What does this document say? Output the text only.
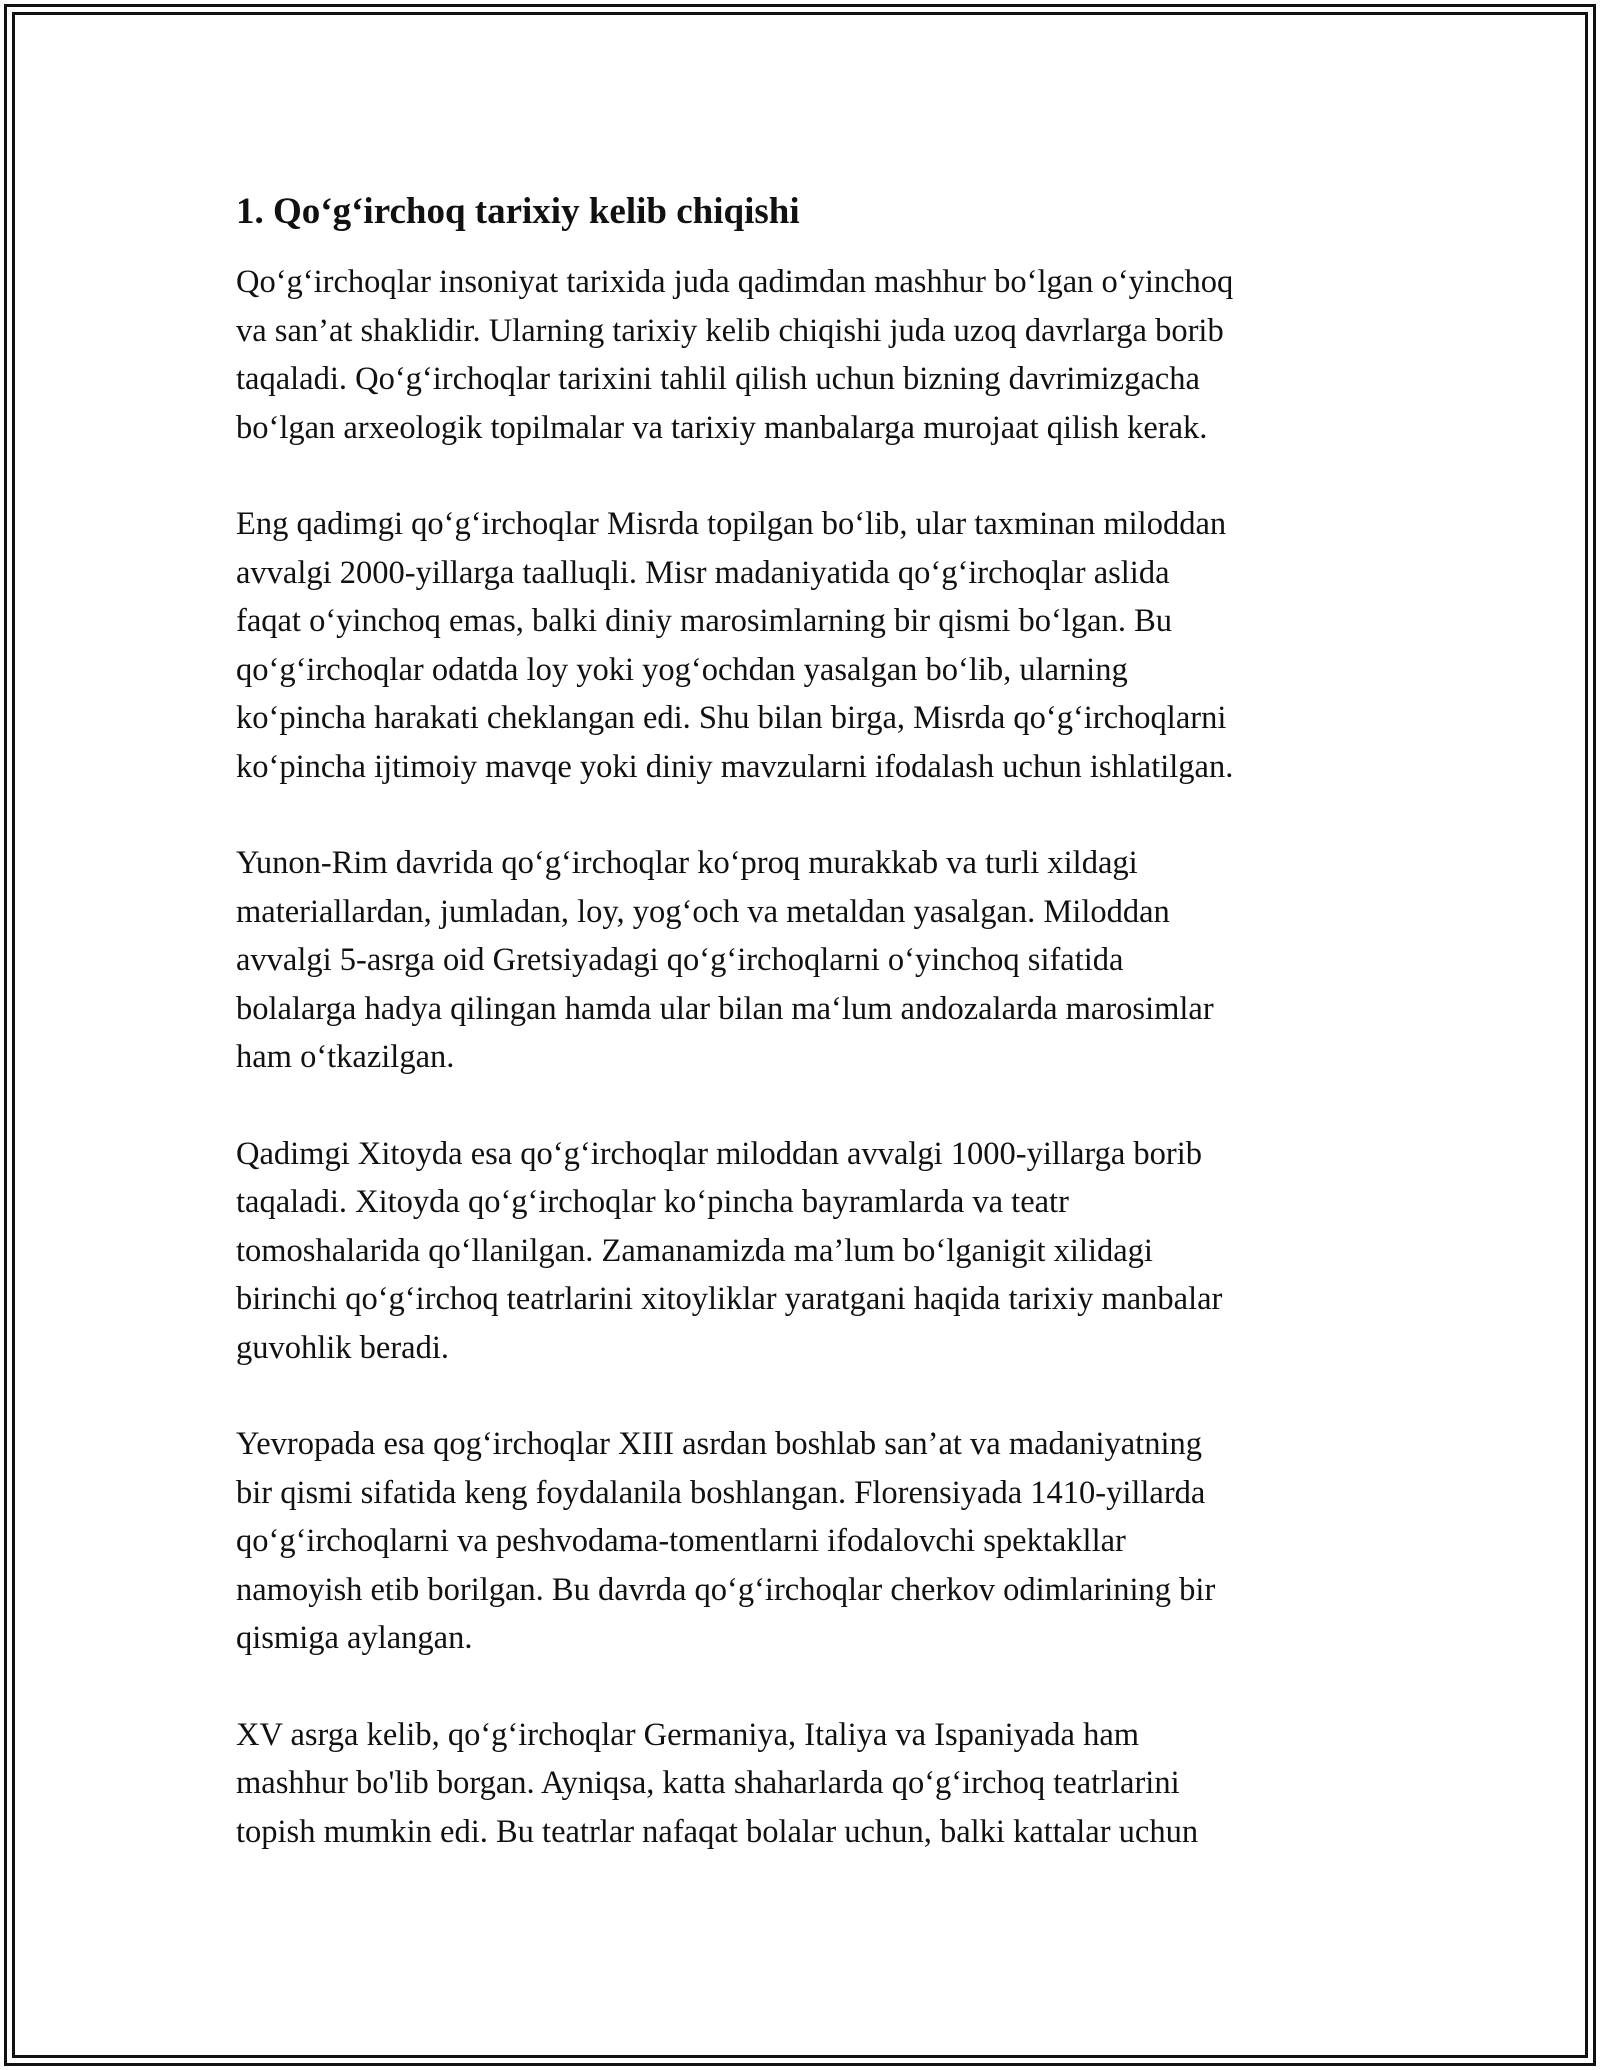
1. Qo‘g‘irchoq tarixiy kelib chiqishi

Qo‘g‘irchoqlar insoniyat tarixida juda qadimdan mashhur bo‘lgan o‘yinchoq
va san’at shaklidir. Ularning tarixiy kelib chiqishi juda uzoq davrlarga borib
taqaladi. Qo‘g‘irchoqlar tarixini tahlil qilish uchun bizning davrimizgacha
bo‘lgan arxeologik topilmalar va tarixiy manbalarga murojaat qilish kerak.

Eng qadimgi qo‘g‘irchoqlar Misrda topilgan bo‘lib, ular taxminan miloddan
avvalgi 2000-yillarga taalluqli. Misr madaniyatida qo‘g‘irchoqlar aslida
faqat o‘yinchoq emas, balki diniy marosimlarning bir qismi bo‘lgan. Bu
qo‘g‘irchoqlar odatda loy yoki yog‘ochdan yasalgan bo‘lib, ularning
ko‘pincha harakati cheklangan edi. Shu bilan birga, Misrda qo‘g‘irchoqlarni
ko‘pincha ijtimoiy mavqe yoki diniy mavzularni ifodalash uchun ishlatilgan.

Yunon-Rim davrida qo‘g‘irchoqlar ko‘proq murakkab va turli xildagi
materiallardan, jumladan, loy, yog‘och va metaldan yasalgan. Miloddan
avvalgi 5-asrga oid Gretsiyadagi qo‘g‘irchoqlarni o‘yinchoq sifatida
bolalarga hadya qilingan hamda ular bilan ma‘lum andozalarda marosimlar
ham o‘tkazilgan.

Qadimgi Xitoyda esa qo‘g‘irchoqlar miloddan avvalgi 1000-yillarga borib
taqaladi. Xitoyda qo‘g‘irchoqlar ko‘pincha bayramlarda va teatr
tomoshalarida qo‘llanilgan. Zamanamizda ma’lum bo‘lganigit xilidagi
birinchi qo‘g‘irchoq teatrlarini xitoyliklar yaratgani haqida tarixiy manbalar
guvohlik beradi.

Yevropada esa qog‘irchoqlar XIII asrdan boshlab san’at va madaniyatning
bir qismi sifatida keng foydalanila boshlangan. Florensiyada 1410-yillarda
qo‘g‘irchoqlarni va peshvodama-tomentlarni ifodalovchi spektakllar
namoyish etib borilgan. Bu davrda qo‘g‘irchoqlar cherkov odimlarining bir
qismiga aylangan.

XV asrga kelib, qo‘g‘irchoqlar Germaniya, Italiya va Ispaniyada ham
mashhur bo'lib borgan. Ayniqsa, katta shaharlarda qo‘g‘irchoq teatrlarini
topish mumkin edi. Bu teatrlar nafaqat bolalar uchun, balki kattalar uchun
